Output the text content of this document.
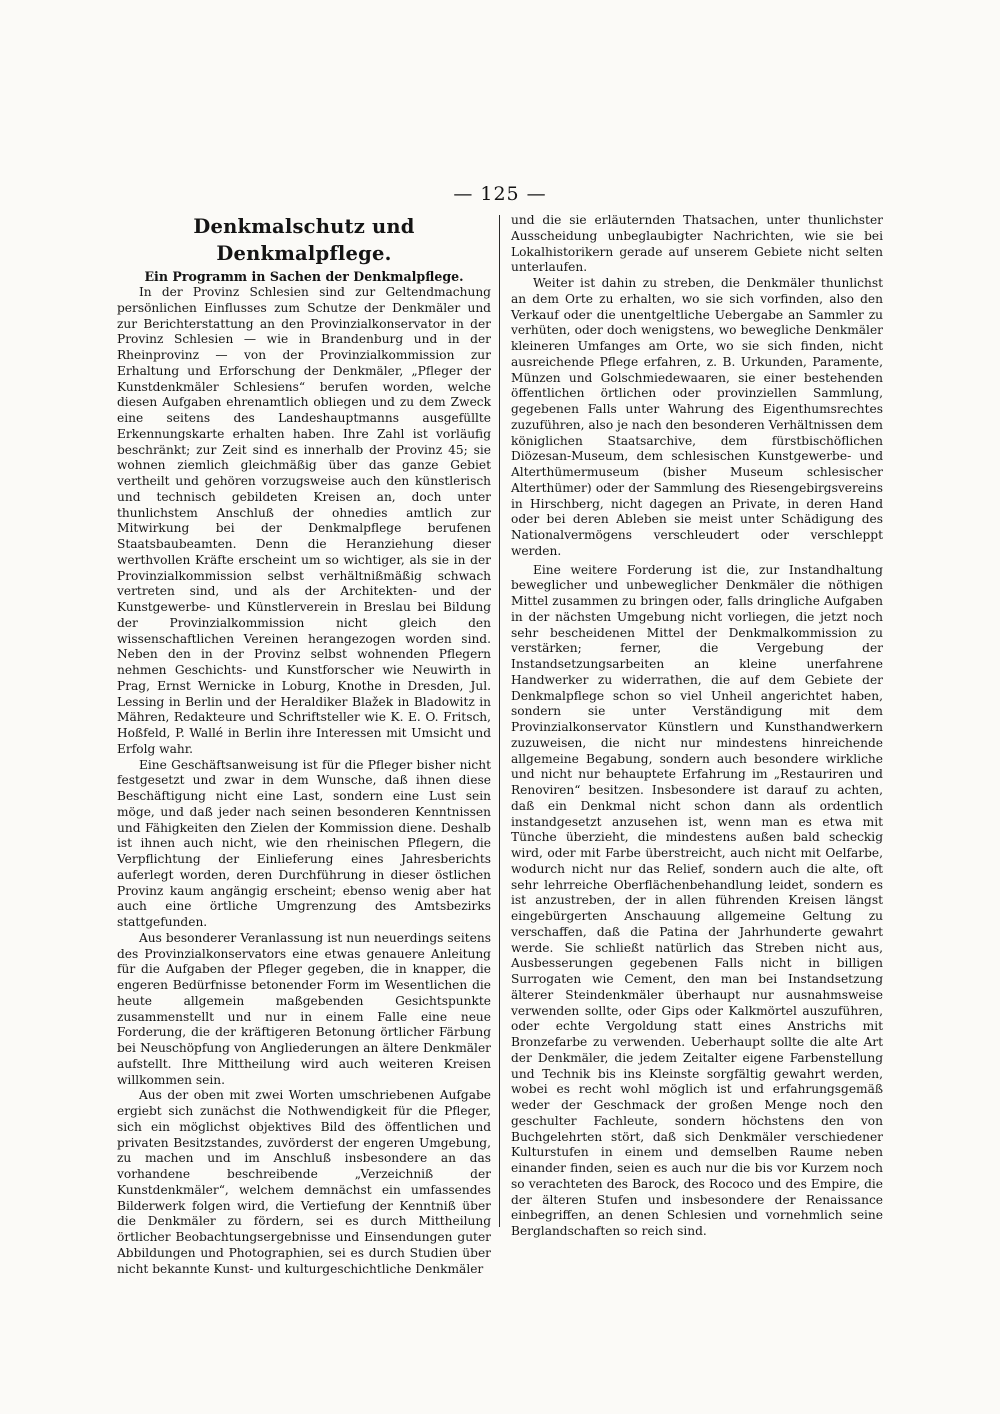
— 125 —
Denkmalschutz und Denkmalpflege.
Ein Programm in Sachen der Denkmalpflege.

In der Provinz Schlesien sind zur Geltendmachung persönlichen Einflusses zum Schutze der Denkmäler und zur Berichterstattung an den Provinzialkonservator in der Provinz Schlesien — wie in Brandenburg und in der Rheinprovinz — von der Provinzialkommission zur Erhaltung und Erforschung der Denkmäler, „Pfleger der Kunstdenkmäler Schlesiens“ berufen worden, welche diesen Aufgaben ehrenamtlich obliegen und zu dem Zweck eine seitens des Landeshauptmanns ausgefüllte Erkennungskarte erhalten haben. Ihre Zahl ist vorläufig beschränkt; zur Zeit sind es innerhalb der Provinz 45; sie wohnen ziemlich gleichmäßig über das ganze Gebiet vertheilt und gehören vorzugsweise auch den künstlerisch und technisch gebildeten Kreisen an, doch unter thunlichstem Anschluß der ohnedies amtlich zur Mitwirkung bei der Denkmalpflege berufenen Staatsbaubeamten. Denn die Heranziehung dieser werthvollen Kräfte erscheint um so wichtiger, als sie in der Provinzialkommission selbst verhältnißmäßig schwach vertreten sind, und als der Architekten- und der Kunstgewerbe- und Künstlerverein in Breslau bei Bildung der Provinzialkommission nicht gleich den wissenschaftlichen Vereinen herangezogen worden sind. Neben den in der Provinz selbst wohnenden Pflegern nehmen Geschichts- und Kunstforscher wie Neuwirth in Prag, Ernst Wernicke in Loburg, Knothe in Dresden, Jul. Lessing in Berlin und der Heraldiker Blažek in Bladowitz in Mähren, Redakteure und Schriftsteller wie K. E. O. Fritsch, Hoßfeld, P. Wallé in Berlin ihre Interessen mit Umsicht und Erfolg wahr.

Eine Geschäftsanweisung ist für die Pfleger bisher nicht festgesetzt und zwar in dem Wunsche, daß ihnen diese Beschäftigung nicht eine Last, sondern eine Lust sein möge, und daß jeder nach seinen besonderen Kenntnissen und Fähigkeiten den Zielen der Kommission diene. Deshalb ist ihnen auch nicht, wie den rheinischen Pflegern, die Verpflichtung der Einlieferung eines Jahresberichts auferlegt worden, deren Durchführung in dieser östlichen Provinz kaum angängig erscheint; ebenso wenig aber hat auch eine örtliche Umgrenzung des Amtsbezirks stattgefunden.

Aus besonderer Veranlassung ist nun neuerdings seitens des Provinzialkonservators eine etwas genauere Anleitung für die Aufgaben der Pfleger gegeben, die in knapper, die engeren Bedürfnisse betonender Form im Wesentlichen die heute allgemein maßgebenden Gesichtspunkte zusammenstellt und nur in einem Falle eine neue Forderung, die der kräftigeren Betonung örtlicher Färbung bei Neuschöpfung von Angliederungen an ältere Denkmäler aufstellt. Ihre Mittheilung wird auch weiteren Kreisen willkommen sein.

Aus der oben mit zwei Worten umschriebenen Aufgabe ergiebt sich zunächst die Nothwendigkeit für die Pfleger, sich ein möglichst objektives Bild des öffentlichen und privaten Besitzstandes, zuvörderst der engeren Umgebung, zu machen und im Anschluß insbesondere an das vorhandene beschreibende „Verzeichniß der Kunstdenkmäler“, welchem demnächst ein umfassendes Bilderwerk folgen wird, die Vertiefung der Kenntniß über die Denkmäler zu fördern, sei es durch Mittheilung örtlicher Beobachtungsergebnisse und Einsendungen guter Abbildungen und Photographien, sei es durch Studien über nicht bekannte Kunst- und kulturgeschichtliche Denkmäler

und die sie erläuternden Thatsachen, unter thunlichster Ausscheidung unbeglaubigter Nachrichten, wie sie bei Lokalhistorikern gerade auf unserem Gebiete nicht selten unterlaufen.

Weiter ist dahin zu streben, die Denkmäler thunlichst an dem Orte zu erhalten, wo sie sich vorfinden, also den Verkauf oder die unentgeltliche Uebergabe an Sammler zu verhüten, oder doch wenigstens, wo bewegliche Denkmäler kleineren Umfanges am Orte, wo sie sich finden, nicht ausreichende Pflege erfahren, z. B. Urkunden, Paramente, Münzen und Golschmiedewaaren, sie einer bestehenden öffentlichen örtlichen oder provinziellen Sammlung, gegebenen Falls unter Wahrung des Eigenthumsrechtes zuzuführen, also je nach den besonderen Verhältnissen dem königlichen Staatsarchive, dem fürstbischöflichen Diözesan-Museum, dem schlesischen Kunstgewerbe- und Alterthümermuseum (bisher Museum schlesischer Alterthümer) oder der Sammlung des Riesengebirgsvereins in Hirschberg, nicht dagegen an Private, in deren Hand oder bei deren Ableben sie meist unter Schädigung des Nationalvermögens verschleudert oder verschleppt werden.

Eine weitere Forderung ist die, zur Instandhaltung beweglicher und unbeweglicher Denkmäler die nöthigen Mittel zusammen zu bringen oder, falls dringliche Aufgaben in der nächsten Umgebung nicht vorliegen, die jetzt noch sehr bescheidenen Mittel der Denkmalkommission zu verstärken; ferner, die Vergebung der Instandsetzungsarbeiten an kleine unerfahrene Handwerker zu widerrathen, die auf dem Gebiete der Denkmalpflege schon so viel Unheil angerichtet haben, sondern sie unter Verständigung mit dem Provinzialkonservator Künstlern und Kunsthandwerkern zuzuweisen, die nicht nur mindestens hinreichende allgemeine Begabung, sondern auch besondere wirkliche und nicht nur behauptete Erfahrung im „Restauriren und Renoviren“ besitzen. Insbesondere ist darauf zu achten, daß ein Denkmal nicht schon dann als ordentlich instandgesetzt anzusehen ist, wenn man es etwa mit Tünche überzieht, die mindestens außen bald scheckig wird, oder mit Farbe überstreicht, auch nicht mit Oelfarbe, wodurch nicht nur das Relief, sondern auch die alte, oft sehr lehrreiche Oberflächenbehandlung leidet, sondern es ist anzustreben, der in allen führenden Kreisen längst eingebürgerten Anschauung allgemeine Geltung zu verschaffen, daß die Patina der Jahrhunderte gewahrt werde. Sie schließt natürlich das Streben nicht aus, Ausbesserungen gegebenen Falls nicht in billigen Surrogaten wie Cement, den man bei Instandsetzung älterer Steindenkmäler überhaupt nur ausnahmsweise verwenden sollte, oder Gips oder Kalkmörtel auszuführen, oder echte Vergoldung statt eines Anstrichs mit Bronzefarbe zu verwenden. Ueberhaupt sollte die alte Art der Denkmäler, die jedem Zeitalter eigene Farbenstellung und Technik bis ins Kleinste sorgfältig gewahrt werden, wobei es recht wohl möglich ist und erfahrungsgemäß weder der Geschmack der großen Menge noch den geschulter Fachleute, sondern höchstens den von Buchgelehrten stört, daß sich Denkmäler verschiedener Kulturstufen in einem und demselben Raume neben einander finden, seien es auch nur die bis vor Kurzem noch so verachteten des Barock, des Rococo und des Empire, die der älteren Stufen und insbesondere der Renaissance einbegriffen, an denen Schlesien und vornehmlich seine Berglandschaften so reich sind.
